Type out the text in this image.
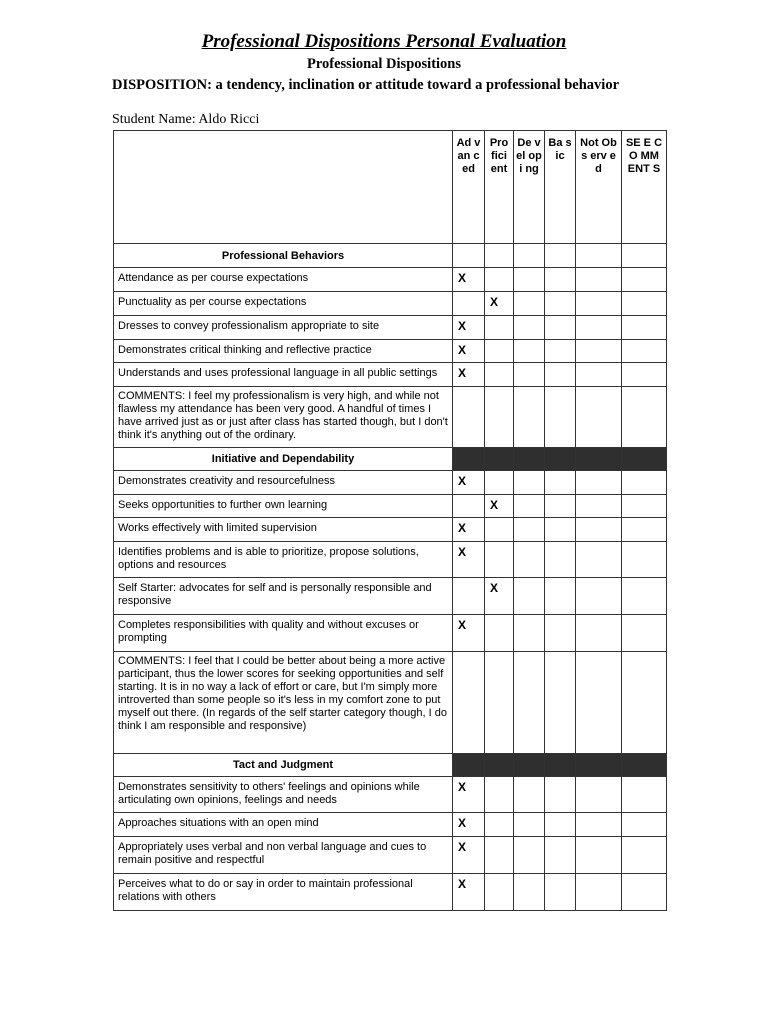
Professional Dispositions Personal Evaluation
Professional Dispositions
DISPOSITION: a tendency, inclination or attitude toward a professional behavior
Student Name: Aldo Ricci
	Ad van ced	Pro fici ent	De vel opi ng	Ba sic	Not Obs erv ed	SE E CO MM ENT S
Professional Behaviors						
Attendance as per course expectations	X					
Punctuality as per course expectations		X				
Dresses to convey professionalism appropriate to site	X					
Demonstrates critical thinking and reflective practice	X					
Understands and uses professional language in all public settings	X					
COMMENTS: I feel my professionalism is very high, and while not flawless my attendance has been very good. A handful of times I have arrived just as or just after class has started though, but I don't think it's anything out of the ordinary.						
Initiative and Dependability						
Demonstrates creativity and resourcefulness	X					
Seeks opportunities to further own learning		X				
Works effectively with limited supervision	X					
Identifies problems and is able to prioritize, propose solutions, options and resources	X					
Self Starter: advocates for self and is personally responsible and responsive		X				
Completes responsibilities with quality and without excuses or prompting	X					
COMMENTS: I feel that I could be better about being a more active participant, thus the lower scores for seeking opportunities and self starting. It is in no way a lack of effort or care, but I'm simply more introverted than some people so it's less in my comfort zone to put myself out there. (In regards of the self starter category though, I do think I am responsible and responsive)						
Tact and Judgment						
Demonstrates sensitivity to others' feelings and opinions while articulating own opinions, feelings and needs	X					
Approaches situations with an open mind	X					
Appropriately uses verbal and non verbal language and cues to remain positive and respectful	X					
Perceives what to do or say in order to maintain professional relations with others	X					
